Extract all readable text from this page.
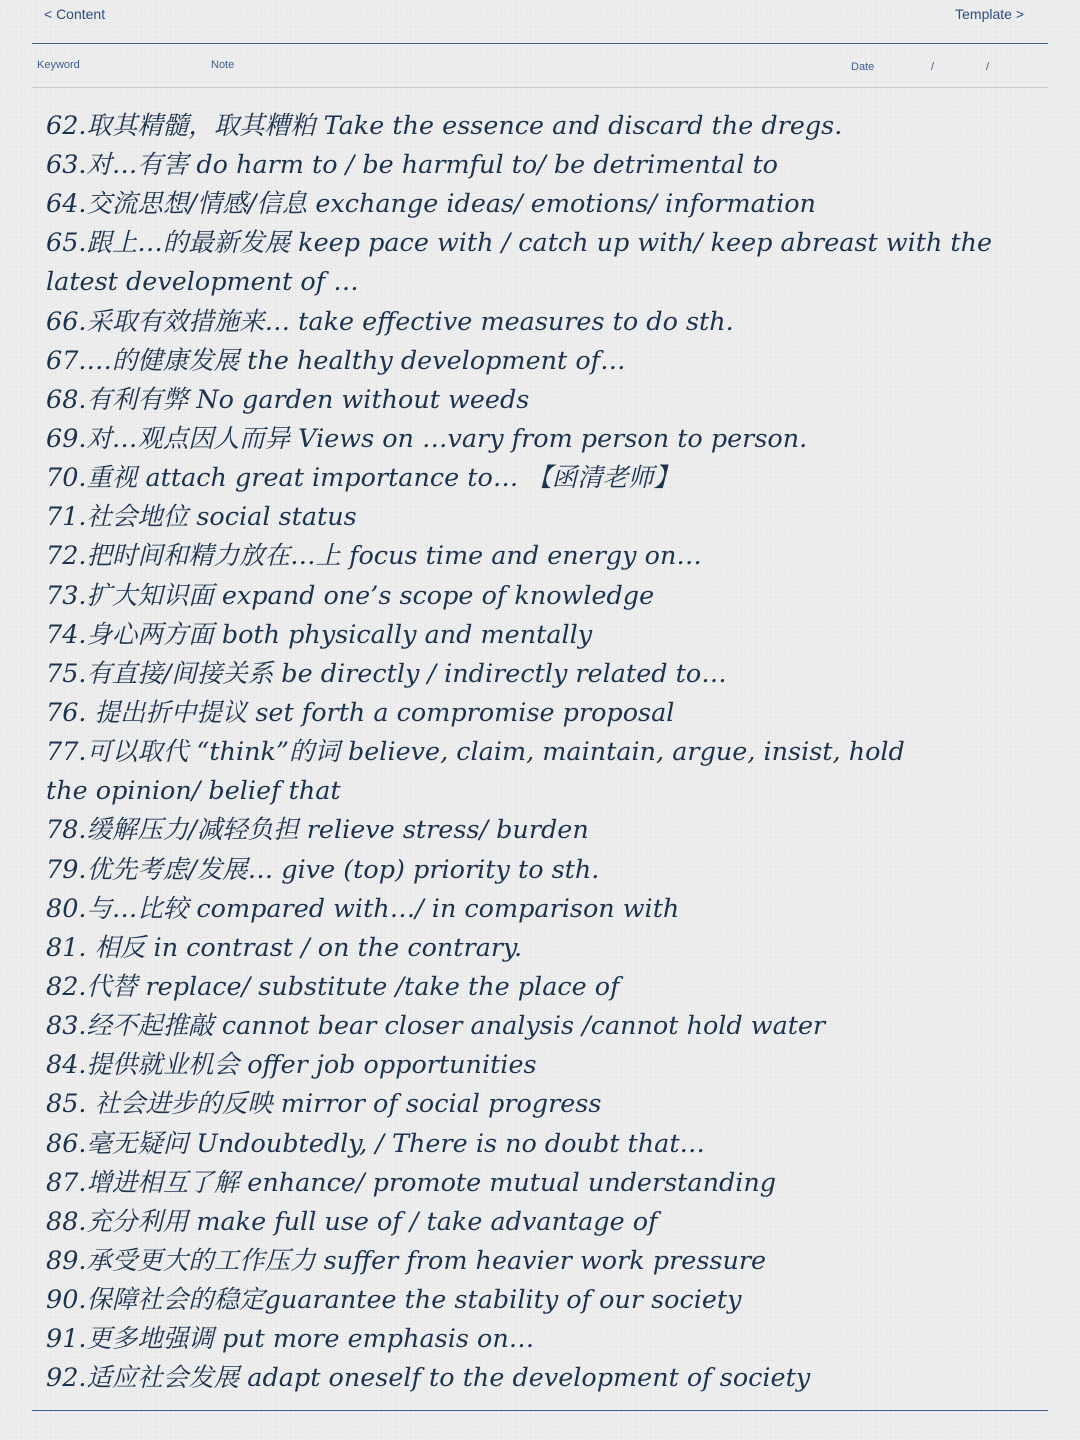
< Content	Template >
Keyword	Note	Date	/	/
62.取其精髓，取其糟粕 Take the essence and discard the dregs.
63.对…有害 do harm to / be harmful to/ be detrimental to
64.交流思想/情感/信息 exchange ideas/ emotions/ information
65.跟上…的最新发展 keep pace with / catch up with/ keep abreast with the
latest development of …
66.采取有效措施来… take effective measures to do sth.
67.…的健康发展 the healthy development of…
68.有利有弊 No garden without weeds
69.对…观点因人而异 Views on …vary from person to person.
70.重视 attach great importance to… 【函清老师】
71.社会地位 social status
72.把时间和精力放在…上 focus time and energy on…
73.扩大知识面 expand one’s scope of knowledge
74.身心两方面 both physically and mentally
75.有直接/间接关系 be directly / indirectly related to…
76. 提出折中提议 set forth a compromise proposal
77.可以取代 “think”的词 believe, claim, maintain, argue, insist, hold
the opinion/ belief that
78.缓解压力/减轻负担 relieve stress/ burden
79.优先考虑/发展… give (top) priority to sth.
80.与…比较 compared with…/ in comparison with
81. 相反 in contrast / on the contrary.
82.代替 replace/ substitute /take the place of
83.经不起推敲 cannot bear closer analysis /cannot hold water
84.提供就业机会 offer job opportunities
85. 社会进步的反映 mirror of social progress
86.毫无疑问 Undoubtedly, / There is no doubt that…
87.增进相互了解 enhance/ promote mutual understanding
88.充分利用 make full use of / take advantage of
89.承受更大的工作压力 suffer from heavier work pressure
90.保障社会的稳定guarantee the stability of our society
91.更多地强调 put more emphasis on…
92.适应社会发展 adapt oneself to the development of society
